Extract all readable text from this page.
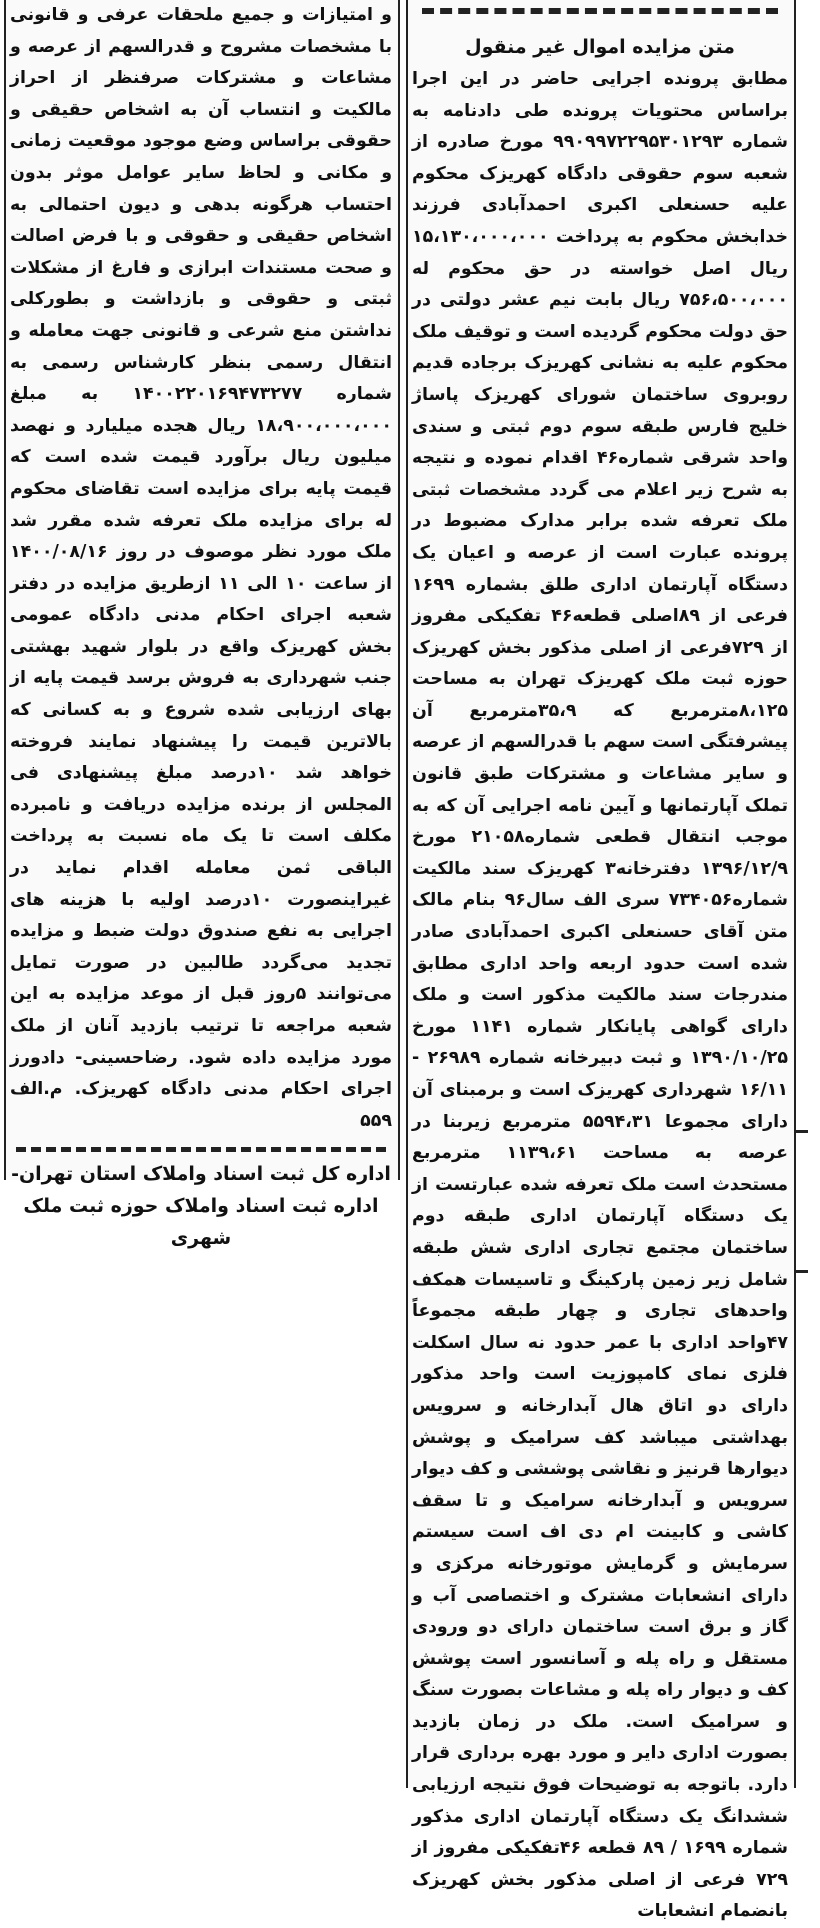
متن مزایده اموال غیر منقول

مطابق پرونده اجرایی حاضر در این اجرا براساس محتویات پرونده طی دادنامه به شماره ۹۹۰۹۹۷۲۲۹۵۳۰۱۲۹۳ مورخ صادره از شعبه سوم حقوقی دادگاه کهریزک محکوم علیه حسنعلی اکبری احمدآبادی فرزند خدابخش محکوم به پرداخت ۱۵،۱۳۰،۰۰۰،۰۰۰ ریال اصل خواسته در حق محکوم له ۷۵۶،۵۰۰،۰۰۰ ریال بابت نیم عشر دولتی در حق دولت محکوم گردیده است و توقیف ملک محکوم علیه به نشانی کهریزک برجاده قدیم روبروی ساختمان شورای کهریزک پاساژ خلیج فارس طبقه سوم دوم ثبتی و سندی واحد شرقی شماره۴۶ اقدام نموده و نتیجه به شرح زیر اعلام می گردد مشخصات ثبتی ملک تعرفه شده برابر مدارک مضبوط در پرونده عبارت است از عرصه و اعیان یک دستگاه آپارتمان اداری طلق بشماره ۱۶۹۹ فرعی از ۸۹اصلی قطعه۴۶ تفکیکی مفروز از ۷۲۹فرعی از اصلی مذکور بخش کهریزک حوزه ثبت ملک کهریزک تهران به مساحت ۸،۱۲۵مترمربع که ۳۵،۹مترمربع آن پیشرفتگی است سهم با قدرالسهم از عرصه و سایر مشاعات و مشترکات طبق قانون تملک آپارتمانها و آیین نامه اجرایی آن که به موجب انتقال قطعی شماره۲۱۰۵۸ مورخ ۱۳۹۶/۱۲/۹ دفترخانه۳ کهریزک سند مالکیت شماره۷۳۴۰۵۶ سری الف سال۹۶ بنام مالک متن آقای حسنعلی اکبری احمدآبادی صادر شده است حدود اربعه واحد اداری مطابق مندرجات سند مالکیت مذکور است و ملک دارای گواهی پایانکار شماره ۱۱۴۱ مورخ ۱۳۹۰/۱۰/۲۵ و ثبت دبیرخانه شماره ۲۶۹۸۹ - ۱۶/۱۱ شهرداری کهریزک است و برمبنای آن دارای مجموعا ۵۵۹۴،۳۱ مترمربع زیربنا در عرصه به مساحت ۱۱۳۹،۶۱ مترمربع مستحدث است ملک تعرفه شده عبارتست از یک دستگاه آپارتمان اداری طبقه دوم ساختمان مجتمع تجاری اداری شش طبقه شامل زیر زمین پارکینگ و تاسیسات همکف واحدهای تجاری و چهار طبقه مجموعاً ۴۷واحد اداری با عمر حدود نه سال اسکلت فلزی نمای کامپوزیت است واحد مذکور دارای دو اتاق هال آبدارخانه و سرویس بهداشتی میباشد کف سرامیک و پوشش دیوارها قرنیز و نقاشی پوششی و کف دیوار سرویس و آبدارخانه سرامیک و تا سقف کاشی و کابینت ام دی اف است سیستم سرمایش و گرمایش موتورخانه مرکزی و دارای انشعابات مشترک و اختصاصی آب و گاز و برق است ساختمان دارای دو ورودی مستقل و راه پله و آسانسور است پوشش کف و دیوار راه پله و مشاعات بصورت سنگ و سرامیک است. ملک در زمان بازدید بصورت اداری دایر و مورد بهره برداری قرار دارد. باتوجه به توضیحات فوق نتیجه ارزیابی ششدانگ یک دستگاه آپارتمان اداری مذکور شماره ۱۶۹۹ / ۸۹ قطعه ۴۶تفکیکی مفروز از ۷۲۹ فرعی از اصلی مذکور بخش کهریزک بانضمام انشعابات

و امتیازات و جمیع ملحقات عرفی و قانونی با مشخصات مشروح و قدرالسهم از عرصه و مشاعات و مشترکات صرفنظر از احراز مالکیت و انتساب آن به اشخاص حقیقی و حقوقی براساس وضع موجود موقعیت زمانی و مکانی و لحاظ سایر عوامل موثر بدون احتساب هرگونه بدهی و دیون احتمالی به اشخاص حقیقی و حقوقی و با فرض اصالت و صحت مستندات ابرازی و فارغ از مشکلات ثبتی و حقوقی و بازداشت و بطورکلی نداشتن منع شرعی و قانونی جهت معامله و انتقال رسمی بنظر کارشناس رسمی به شماره ۱۴۰۰۲۲۰۱۶۹۴۷۳۲۷۷ به مبلغ ۱۸،۹۰۰،۰۰۰،۰۰۰ ریال هجده میلیارد و نهصد میلیون ریال برآورد قیمت شده است که قیمت پایه برای مزایده است تقاضای محکوم له برای مزایده ملک تعرفه شده مقرر شد ملک مورد نظر موصوف در روز ۱۴۰۰/۰۸/۱۶ از ساعت ۱۰ الی ۱۱ ازطریق مزایده در دفتر شعبه اجرای احکام مدنی دادگاه عمومی بخش کهریزک واقع در بلوار شهید بهشتی جنب شهرداری به فروش برسد قیمت پایه از بهای ارزیابی شده شروع و به کسانی که بالاترین قیمت را پیشنهاد نمایند فروخته خواهد شد ۱۰درصد مبلغ پیشنهادی فی المجلس از برنده مزایده دریافت و نامبرده مکلف است تا یک ماه نسبت به پرداخت الباقی ثمن معامله اقدام نماید در غیراینصورت ۱۰درصد اولیه با هزینه های اجرایی به نفع صندوق دولت ضبط و مزایده تجدید می‌گردد طالبین در صورت تمایل می‌توانند ۵روز قبل از موعد مزایده به این شعبه مراجعه تا ترتیب بازدید آنان از ملک مورد مزایده داده شود. رضاحسینی- دادورز اجرای احکام مدنی دادگاه کهریزک. م.الف ۵۵۹

اداره کل ثبت اسناد واملاک استان تهران- اداره ثبت اسناد واملاک حوزه ثبت ملک شهری
